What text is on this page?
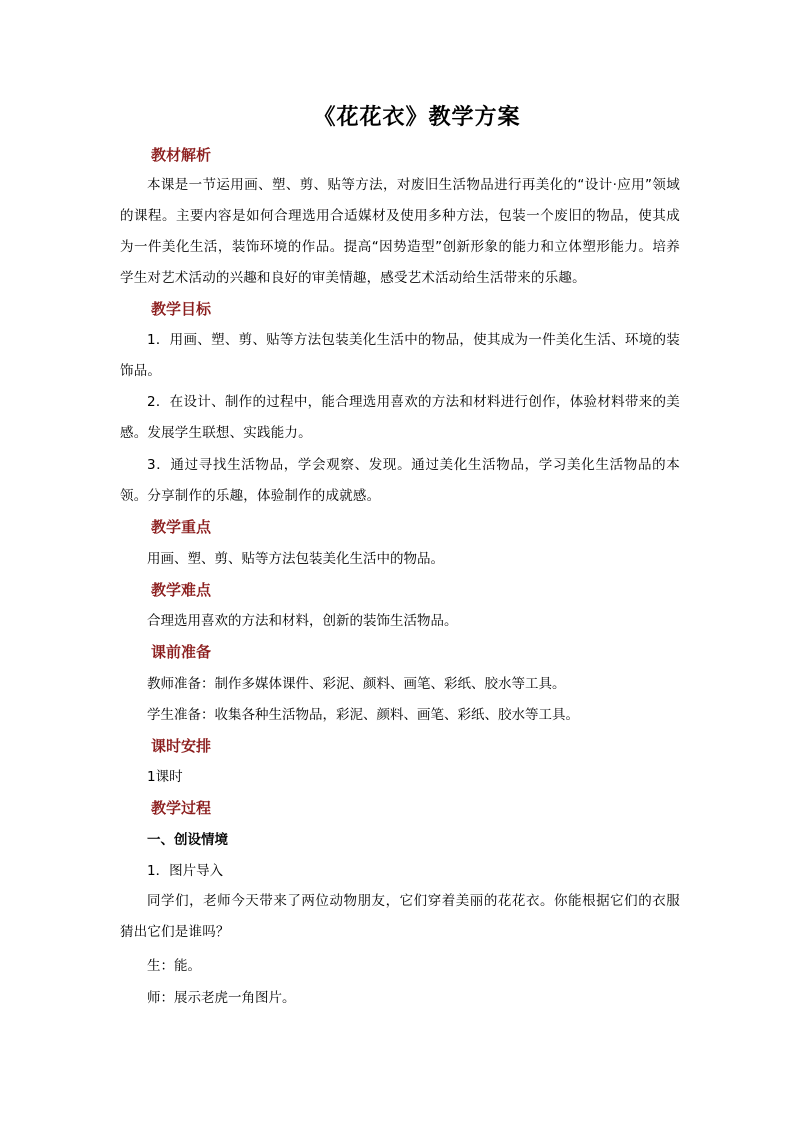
《花花衣》教学方案
教材解析
本课是一节运用画、塑、剪、贴等方法，对废旧生活物品进行再美化的“设计·应用”领域的课程。主要内容是如何合理选用合适媒材及使用多种方法，包装一个废旧的物品，使其成为一件美化生活，装饰环境的作品。提高“因势造型”创新形象的能力和立体塑形能力。培养学生对艺术活动的兴趣和良好的审美情趣，感受艺术活动给生活带来的乐趣。
教学目标
1．用画、塑、剪、贴等方法包装美化生活中的物品，使其成为一件美化生活、环境的装饰品。
2．在设计、制作的过程中，能合理选用喜欢的方法和材料进行创作，体验材料带来的美感。发展学生联想、实践能力。
3．通过寻找生活物品，学会观察、发现。通过美化生活物品，学习美化生活物品的本领。分享制作的乐趣，体验制作的成就感。
教学重点
用画、塑、剪、贴等方法包装美化生活中的物品。
教学难点
合理选用喜欢的方法和材料，创新的装饰生活物品。
课前准备
教师准备：制作多媒体课件、彩泥、颜料、画笔、彩纸、胶水等工具。
学生准备：收集各种生活物品，彩泥、颜料、画笔、彩纸、胶水等工具。
课时安排
1课时
教学过程
一、创设情境
1．图片导入
同学们，老师今天带来了两位动物朋友，它们穿着美丽的花花衣。你能根据它们的衣服猜出它们是谁吗？
生：能。
师：展示老虎一角图片。
